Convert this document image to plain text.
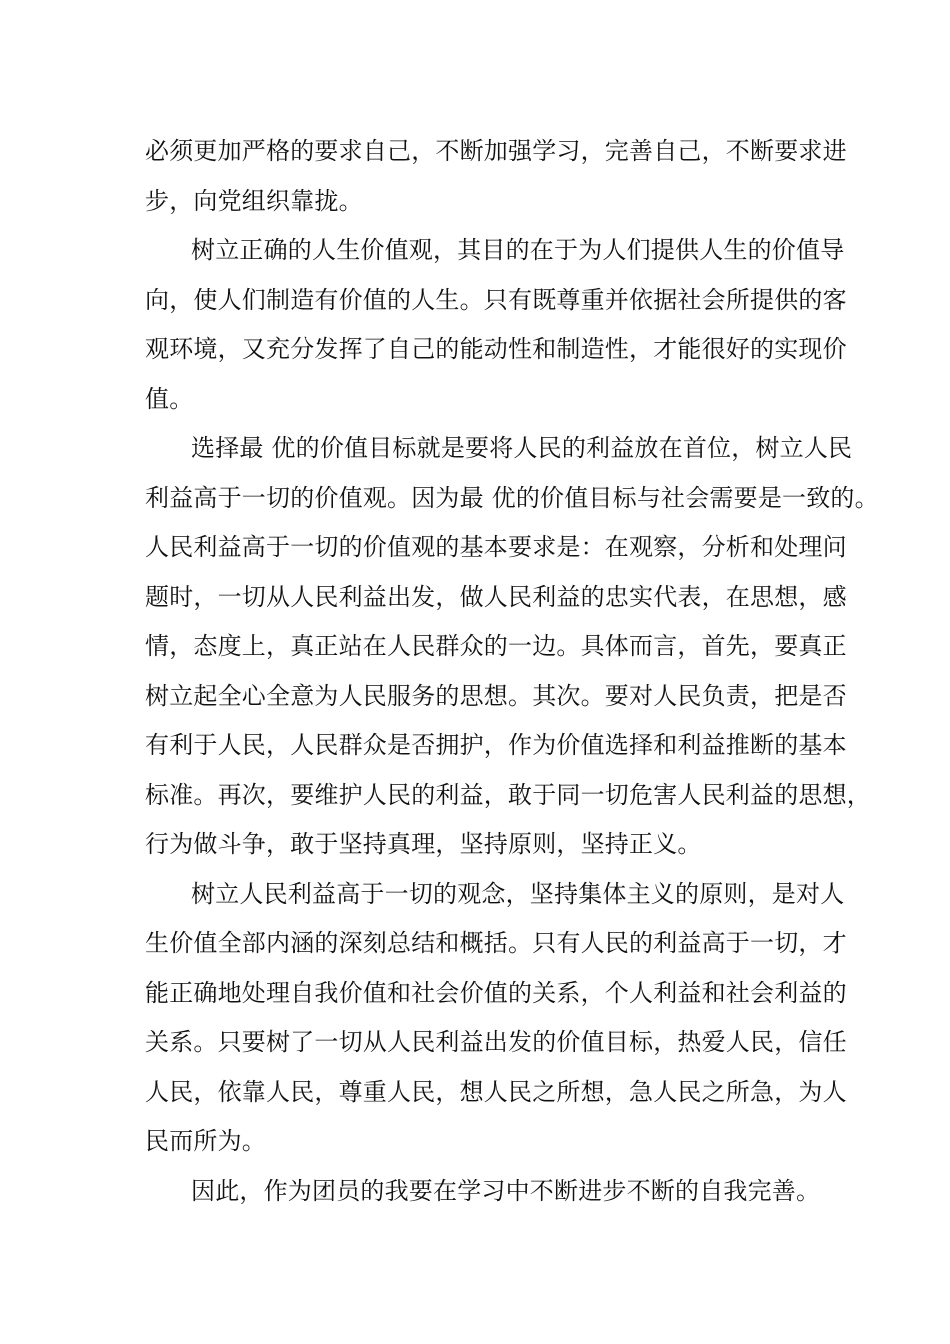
必须更加严格的要求自己，不断加强学习，完善自己，不断要求进
步，向党组织靠拢。

树立正确的人生价值观，其目的在于为人们提供人生的价值导
向，使人们制造有价值的人生。只有既尊重并依据社会所提供的客
观环境，又充分发挥了自己的能动性和制造性，才能很好的实现价
值。

选择最 优的价值目标就是要将人民的利益放在首位，树立人民
利益高于一切的价值观。因为最 优的价值目标与社会需要是一致的。
人民利益高于一切的价值观的基本要求是：在观察，分析和处理问
题时，一切从人民利益出发，做人民利益的忠实代表，在思想，感
情，态度上，真正站在人民群众的一边。具体而言，首先，要真正
树立起全心全意为人民服务的思想。其次。要对人民负责，把是否
有利于人民，人民群众是否拥护，作为价值选择和利益推断的基本
标准。再次，要维护人民的利益，敢于同一切危害人民利益的思想，
行为做斗争，敢于坚持真理，坚持原则，坚持正义。

树立人民利益高于一切的观念，坚持集体主义的原则，是对人
生价值全部内涵的深刻总结和概括。只有人民的利益高于一切，才
能正确地处理自我价值和社会价值的关系，个人利益和社会利益的
关系。只要树了一切从人民利益出发的价值目标，热爱人民，信任
人民，依靠人民，尊重人民，想人民之所想，急人民之所急，为人
民而所为。

因此，作为团员的我要在学习中不断进步不断的自我完善。
